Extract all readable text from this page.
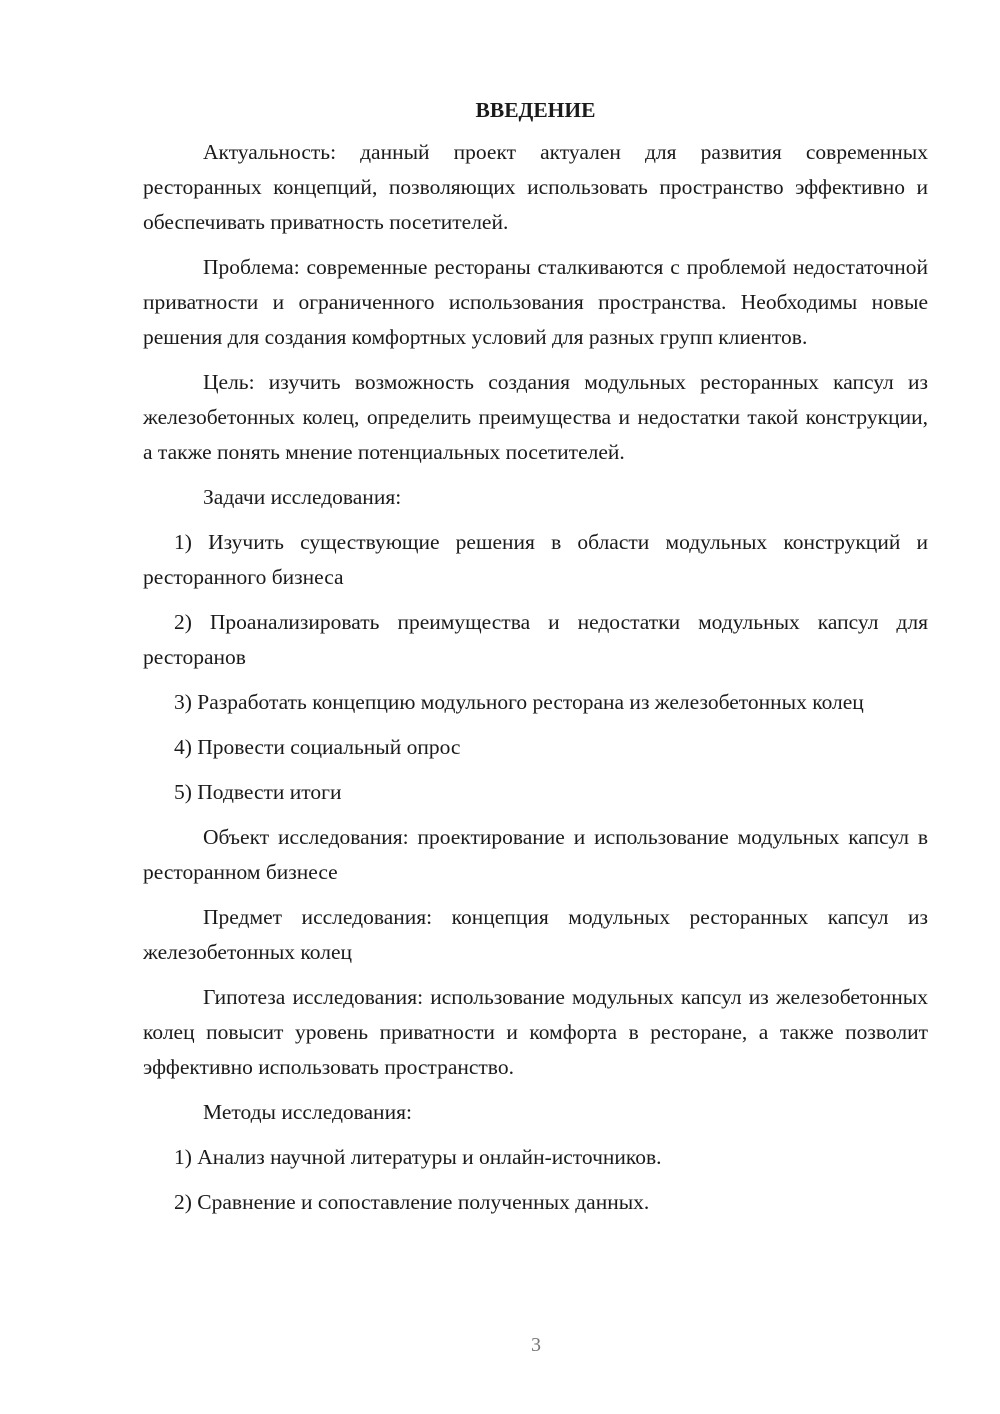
ВВЕДЕНИЕ

Актуальность: данный проект актуален для развития современных ресторанных концепций, позволяющих использовать пространство эффективно и обеспечивать приватность посетителей.

Проблема: современные рестораны сталкиваются с проблемой недостаточной приватности и ограниченного использования пространства. Необходимы новые решения для создания комфортных условий для разных групп клиентов.

Цель: изучить возможность создания модульных ресторанных капсул из железобетонных колец, определить преимущества и недостатки такой конструкции, а также понять мнение потенциальных посетителей.

Задачи исследования:

1) Изучить существующие решения в области модульных конструкций и ресторанного бизнеса

2) Проанализировать преимущества и недостатки модульных капсул для ресторанов

3) Разработать концепцию модульного ресторана из железобетонных колец

4) Провести социальный опрос

5) Подвести итоги

Объект исследования: проектирование и использование модульных капсул в ресторанном бизнесе

Предмет исследования: концепция модульных ресторанных капсул из железобетонных колец

Гипотеза исследования: использование модульных капсул из железобетонных колец повысит уровень приватности и комфорта в ресторане, а также позволит эффективно использовать пространство.

Методы исследования:

1) Анализ научной литературы и онлайн-источников.

2) Сравнение и сопоставление полученных данных.

3
